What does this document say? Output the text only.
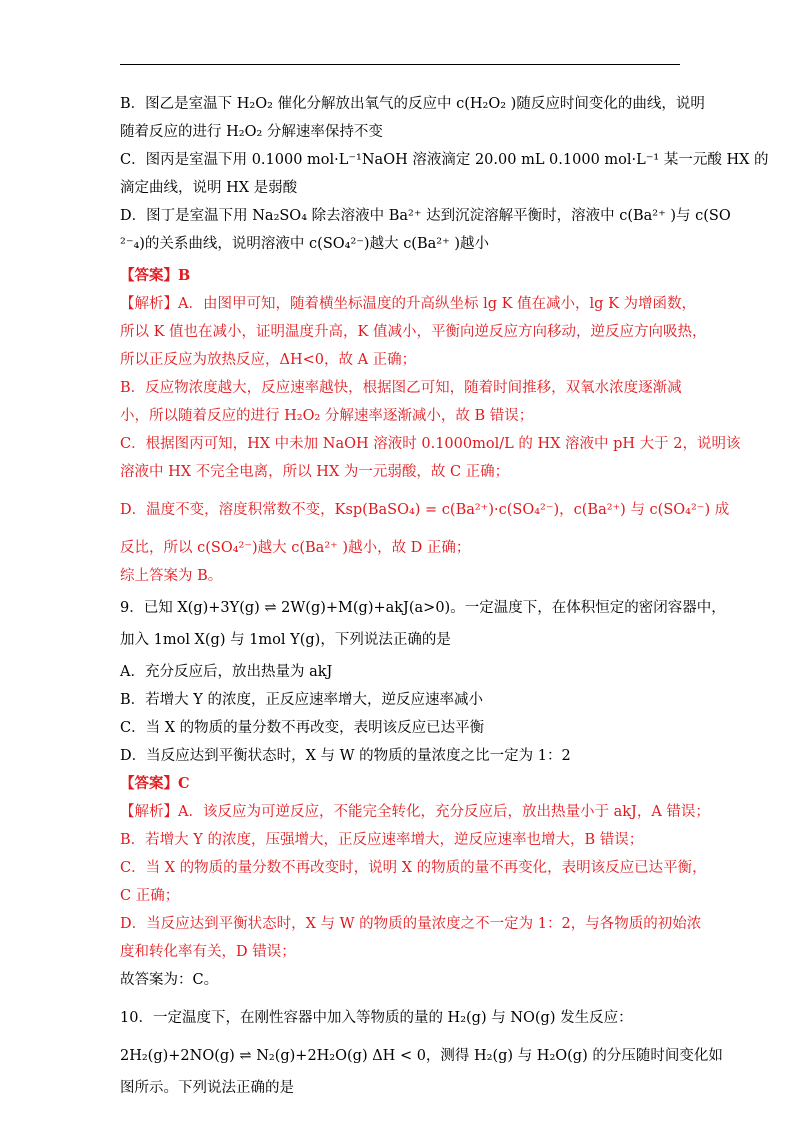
B．图乙是室温下 H₂O₂ 催化分解放出氧气的反应中 c(H₂O₂ )随反应时间变化的曲线，说明
随着反应的进行 H₂O₂ 分解速率保持不变
C．图丙是室温下用 0.1000 mol·L⁻¹NaOH 溶液滴定 20.00 mL 0.1000 mol·L⁻¹ 某一元酸 HX 的
滴定曲线，说明 HX 是弱酸
D．图丁是室温下用 Na₂SO₄ 除去溶液中 Ba²⁺ 达到沉淀溶解平衡时，溶液中 c(Ba²⁺ )与 c(SO
²⁻₄)的关系曲线，说明溶液中 c(SO₄²⁻)越大 c(Ba²⁺ )越小
【答案】B
【解析】A．由图甲可知，随着横坐标温度的升高纵坐标 lg K 值在减小，lg K 为增函数，
所以 K 值也在减小，证明温度升高，K 值减小，平衡向逆反应方向移动，逆反应方向吸热，
所以正反应为放热反应，ΔH<0，故 A 正确；
B．反应物浓度越大，反应速率越快，根据图乙可知，随着时间推移，双氧水浓度逐渐减
小，所以随着反应的进行 H₂O₂ 分解速率逐渐减小，故 B 错误；
C．根据图丙可知，HX 中未加 NaOH 溶液时 0.1000mol/L 的 HX 溶液中 pH 大于 2，说明该
溶液中 HX 不完全电离，所以 HX 为一元弱酸，故 C 正确；
D．温度不变，溶度积常数不变，Ksp(BaSO₄) = c(Ba²⁺)·c(SO₄²⁻)，c(Ba²⁺) 与 c(SO₄²⁻) 成
反比，所以 c(SO₄²⁻)越大 c(Ba²⁺ )越小，故 D 正确；
综上答案为 B。
9．已知 X(g)+3Y(g) ⇌ 2W(g)+M(g)+akJ(a>0)。一定温度下，在体积恒定的密闭容器中，
加入 1mol X(g) 与 1mol Y(g)，下列说法正确的是
A．充分反应后，放出热量为 akJ
B．若增大 Y 的浓度，正反应速率增大，逆反应速率减小
C．当 X 的物质的量分数不再改变，表明该反应已达平衡
D．当反应达到平衡状态时，X 与 W 的物质的量浓度之比一定为 1：2
【答案】C
【解析】A．该反应为可逆反应，不能完全转化，充分反应后，放出热量小于 akJ，A 错误；
B．若增大 Y 的浓度，压强增大，正反应速率增大，逆反应速率也增大，B 错误；
C．当 X 的物质的量分数不再改变时，说明 X 的物质的量不再变化，表明该反应已达平衡，
C 正确；
D．当反应达到平衡状态时，X 与 W 的物质的量浓度之不一定为 1：2，与各物质的初始浓
度和转化率有关，D 错误；
故答案为：C。
10．一定温度下，在刚性容器中加入等物质的量的 H₂(g) 与 NO(g) 发生反应：
2H₂(g)+2NO(g) ⇌ N₂(g)+2H₂O(g) ΔH < 0，测得 H₂(g) 与 H₂O(g) 的分压随时间变化如
图所示。下列说法正确的是
